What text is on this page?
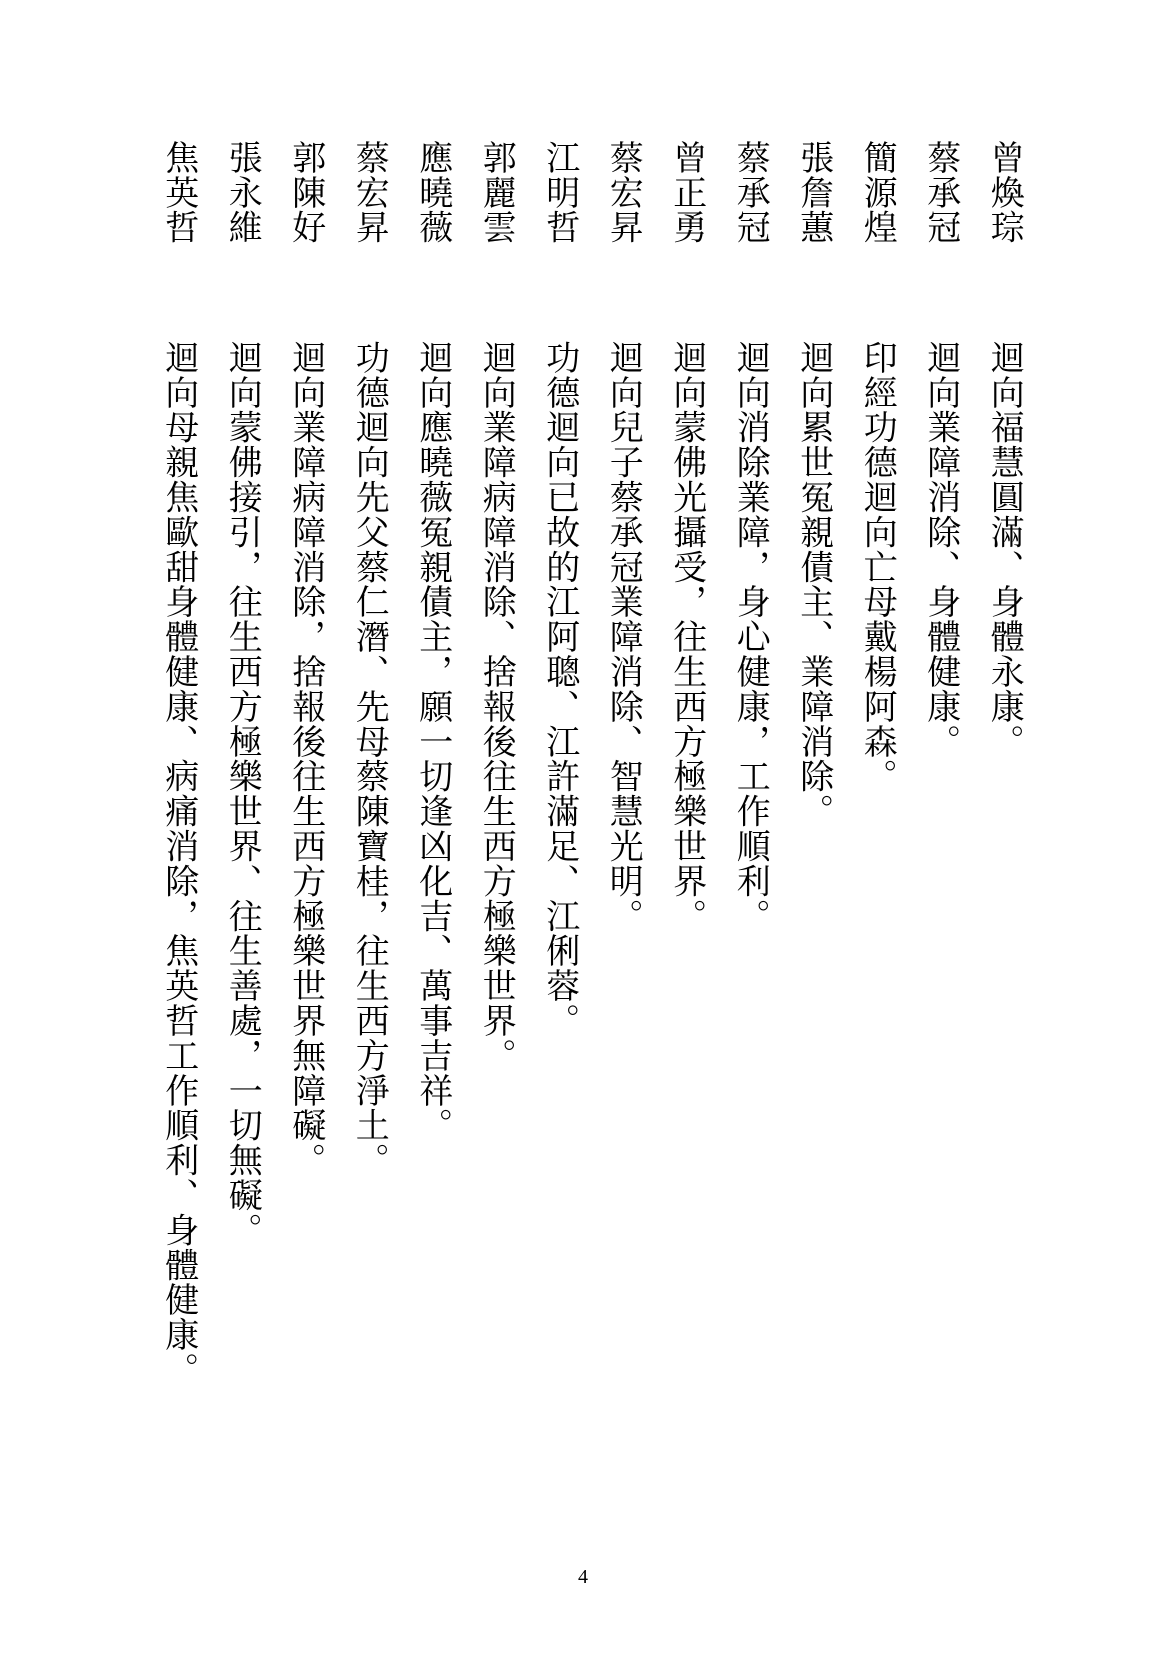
曾煥琮
迴向福慧圓滿、身體永康。
蔡承冠
迴向業障消除、身體健康。
簡源煌
印經功德迴向亡母戴楊阿森。
張詹蕙
迴向累世冤親債主、業障消除。
蔡承冠
迴向消除業障，身心健康，工作順利。
曾正勇
迴向蒙佛光攝受，往生西方極樂世界。
蔡宏昇
迴向兒子蔡承冠業障消除、智慧光明。
江明哲
功德迴向已故的江阿聰、江許滿足、江俐蓉。
郭麗雲
迴向業障病障消除、捨報後往生西方極樂世界。
應曉薇
迴向應曉薇冤親債主，願一切逢凶化吉、萬事吉祥。
蔡宏昇
功德迴向先父蔡仁潛、先母蔡陳寶桂，往生西方淨土。
郭陳好
迴向業障病障消除，捨報後往生西方極樂世界無障礙。
張永維
迴向蒙佛接引，往生西方極樂世界、往生善處，一切無礙。
焦英哲
迴向母親焦歐甜身體健康、病痛消除，焦英哲工作順利、身體健康。
4
